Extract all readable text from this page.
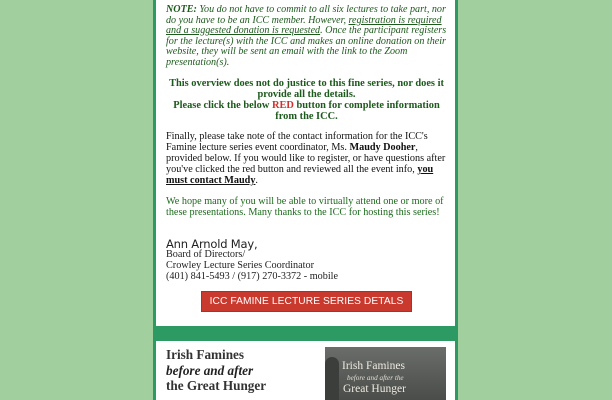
NOTE: You do not have to commit to all six lectures to take part, nor do you have to be an ICC member. However, registration is required and a suggested donation is requested. Once the participant registers for the lecture(s) with the ICC and makes an online donation on their website, they will be sent an email with the link to the Zoom presentation(s).

This overview does not do justice to this fine series, nor does it provide all the details.
Please click the below RED button for complete information from the ICC.

Finally, please take note of the contact information for the ICC's Famine lecture series event coordinator, Ms. Maudy Dooher, provided below. If you would like to register, or have questions after you've clicked the red button and reviewed all the event info, you must contact Maudy.

We hope many of you will be able to virtually attend one or more of these presentations. Many thanks to the ICC for hosting this series!

Ann Arnold May,
Board of Directors/
Crowley Lecture Series Coordinator
(401) 841-5493 / (917) 270-3372 - mobile
ICC FAMINE LECTURE SERIES DETALS
Irish Famines
before and after
the Great Hunger
Irish Famines
before and after the
Great Hunger
